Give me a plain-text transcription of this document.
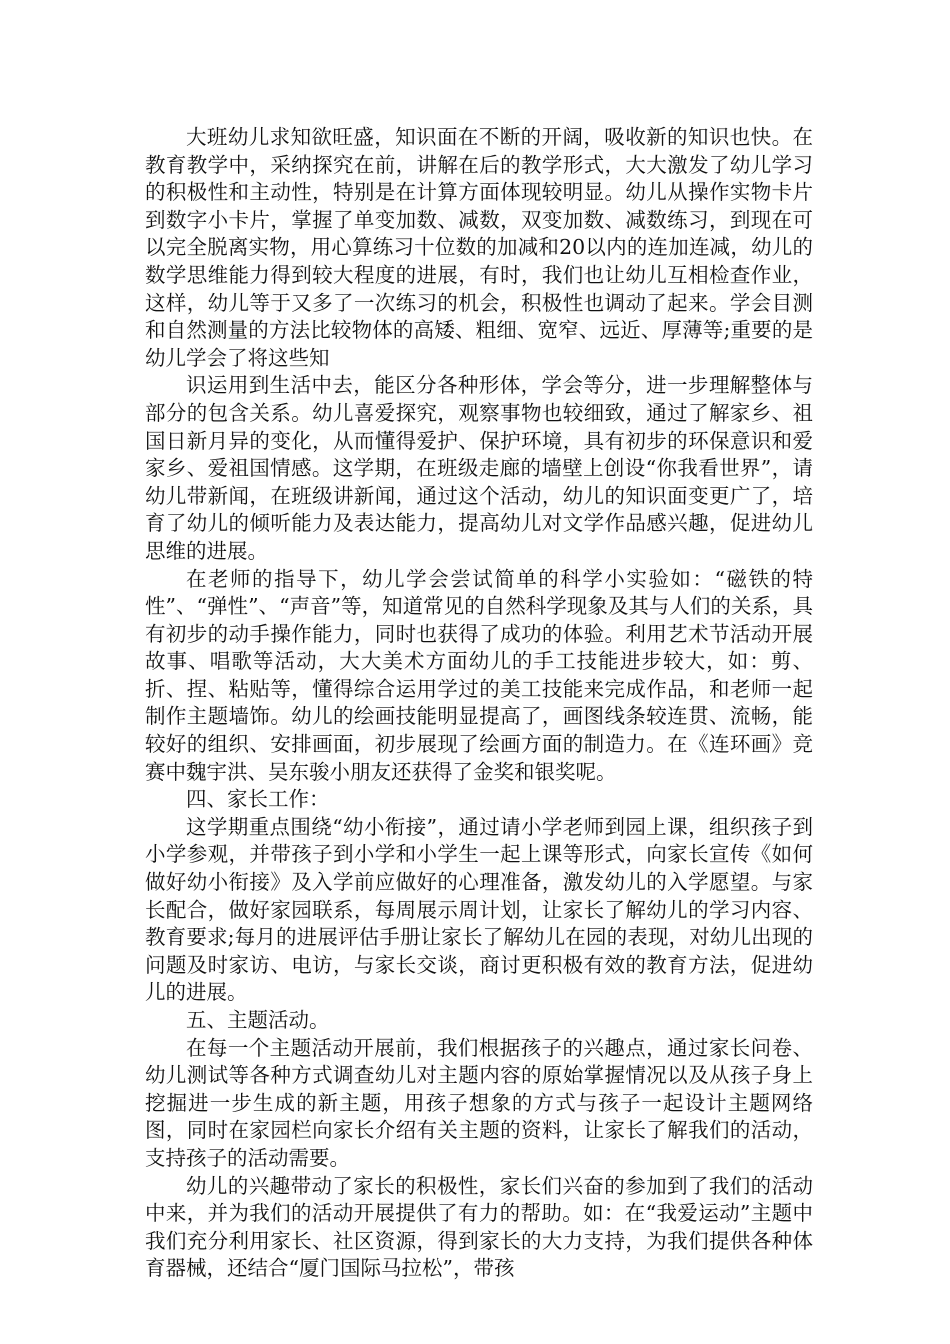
大班幼儿求知欲旺盛，知识面在不断的开阔，吸收新的知识也快。在教育教学中，采纳探究在前，讲解在后的教学形式，大大激发了幼儿学习的积极性和主动性，特别是在计算方面体现较明显。幼儿从操作实物卡片到数字小卡片，掌握了单变加数、减数，双变加数、减数练习，到现在可以完全脱离实物，用心算练习十位数的加减和20以内的连加连减，幼儿的数学思维能力得到较大程度的进展，有时，我们也让幼儿互相检查作业，这样，幼儿等于又多了一次练习的机会，积极性也调动了起来。学会目测和自然测量的方法比较物体的高矮、粗细、宽窄、远近、厚薄等;重要的是幼儿学会了将这些知

识运用到生活中去，能区分各种形体，学会等分，进一步理解整体与部分的包含关系。幼儿喜爱探究，观察事物也较细致，通过了解家乡、祖国日新月异的变化，从而懂得爱护、保护环境，具有初步的环保意识和爱家乡、爱祖国情感。这学期，在班级走廊的墙壁上创设“你我看世界”，请幼儿带新闻，在班级讲新闻，通过这个活动，幼儿的知识面变更广了，培育了幼儿的倾听能力及表达能力，提高幼儿对文学作品感兴趣，促进幼儿思维的进展。

在老师的指导下，幼儿学会尝试简单的科学小实验如：“磁铁的特性”、“弹性”、“声音”等，知道常见的自然科学现象及其与人们的关系，具有初步的动手操作能力，同时也获得了成功的体验。利用艺术节活动开展故事、唱歌等活动，大大美术方面幼儿的手工技能进步较大，如：剪、折、捏、粘贴等，懂得综合运用学过的美工技能来完成作品，和老师一起制作主题墙饰。幼儿的绘画技能明显提高了，画图线条较连贯、流畅，能较好的组织、安排画面，初步展现了绘画方面的制造力。在《连环画》竞赛中魏宇洪、吴东骏小朋友还获得了金奖和银奖呢。

四、家长工作：

这学期重点围绕“幼小衔接”，通过请小学老师到园上课，组织孩子到小学参观，并带孩子到小学和小学生一起上课等形式，向家长宣传《如何做好幼小衔接》及入学前应做好的心理准备，激发幼儿的入学愿望。与家长配合，做好家园联系，每周展示周计划，让家长了解幼儿的学习内容、教育要求;每月的进展评估手册让家长了解幼儿在园的表现，对幼儿出现的问题及时家访、电访，与家长交谈，商讨更积极有效的教育方法，促进幼儿的进展。

五、主题活动。

在每一个主题活动开展前，我们根据孩子的兴趣点，通过家长问卷、幼儿测试等各种方式调查幼儿对主题内容的原始掌握情况以及从孩子身上挖掘进一步生成的新主题，用孩子想象的方式与孩子一起设计主题网络图，同时在家园栏向家长介绍有关主题的资料，让家长了解我们的活动，支持孩子的活动需要。

幼儿的兴趣带动了家长的积极性，家长们兴奋的参加到了我们的活动中来，并为我们的活动开展提供了有力的帮助。如：在“我爱运动”主题中我们充分利用家长、社区资源，得到家长的大力支持，为我们提供各种体育器械，还结合“厦门国际马拉松”，带孩
